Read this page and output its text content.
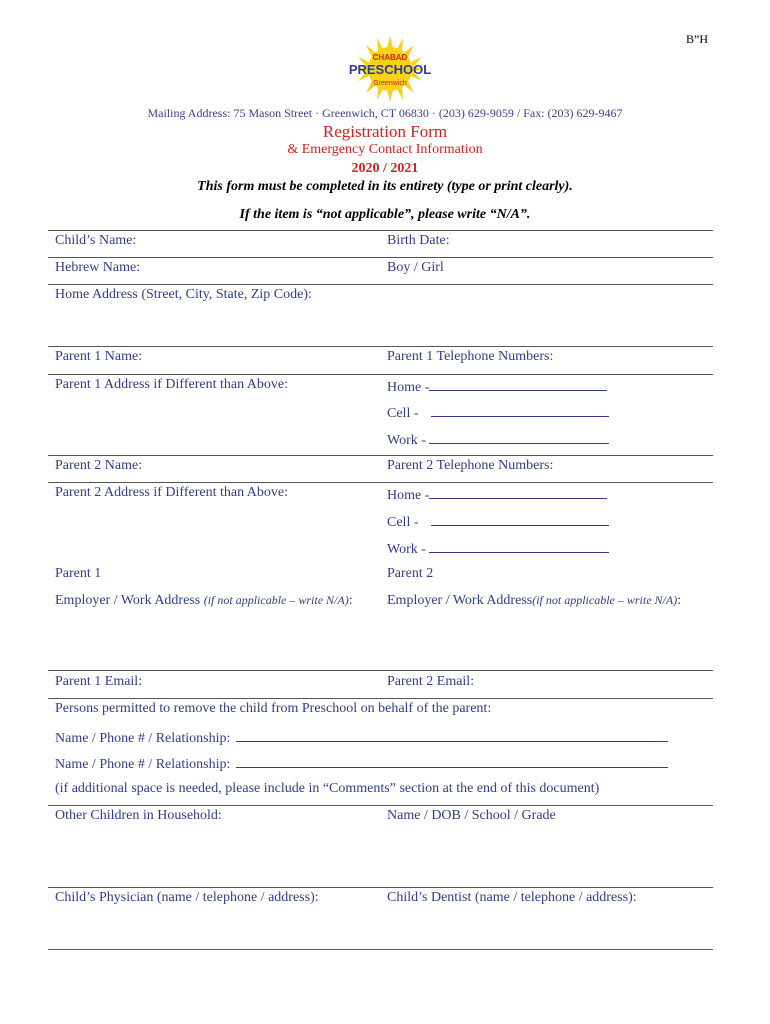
B”H
CHABAD
PRESCHOOL
Greenwich
Mailing Address: 75 Mason Street · Greenwich, CT 06830 · (203) 629-9059 / Fax: (203) 629-9467
Registration Form
& Emergency Contact Information
2020 / 2021
This form must be completed in its entirety (type or print clearly).
If the item is “not applicable”, please write “N/A”.
Child’s Name:	Birth Date:
Hebrew Name:	Boy / Girl
Home Address (Street, City, State, Zip Code):
Parent 1 Name:	Parent 1 Telephone Numbers:
Parent 1 Address if Different than Above:	Home -
Cell -
Work -
Parent 2 Name:	Parent 2 Telephone Numbers:
Parent 2 Address if Different than Above:	Home -
Cell -
Work -
Parent 1	Parent 2
Employer / Work Address (if not applicable – write N/A): Employer / Work Address(if not applicable – write N/A):
Parent 1 Email:	Parent 2 Email:
Persons permitted to remove the child from Preschool on behalf of the parent:
Name / Phone # / Relationship:
Name / Phone # / Relationship:
(if additional space is needed, please include in “Comments” section at the end of this document)
Other Children in Household:	Name / DOB / School / Grade
Child’s Physician (name / telephone / address):	Child’s Dentist (name / telephone / address):
